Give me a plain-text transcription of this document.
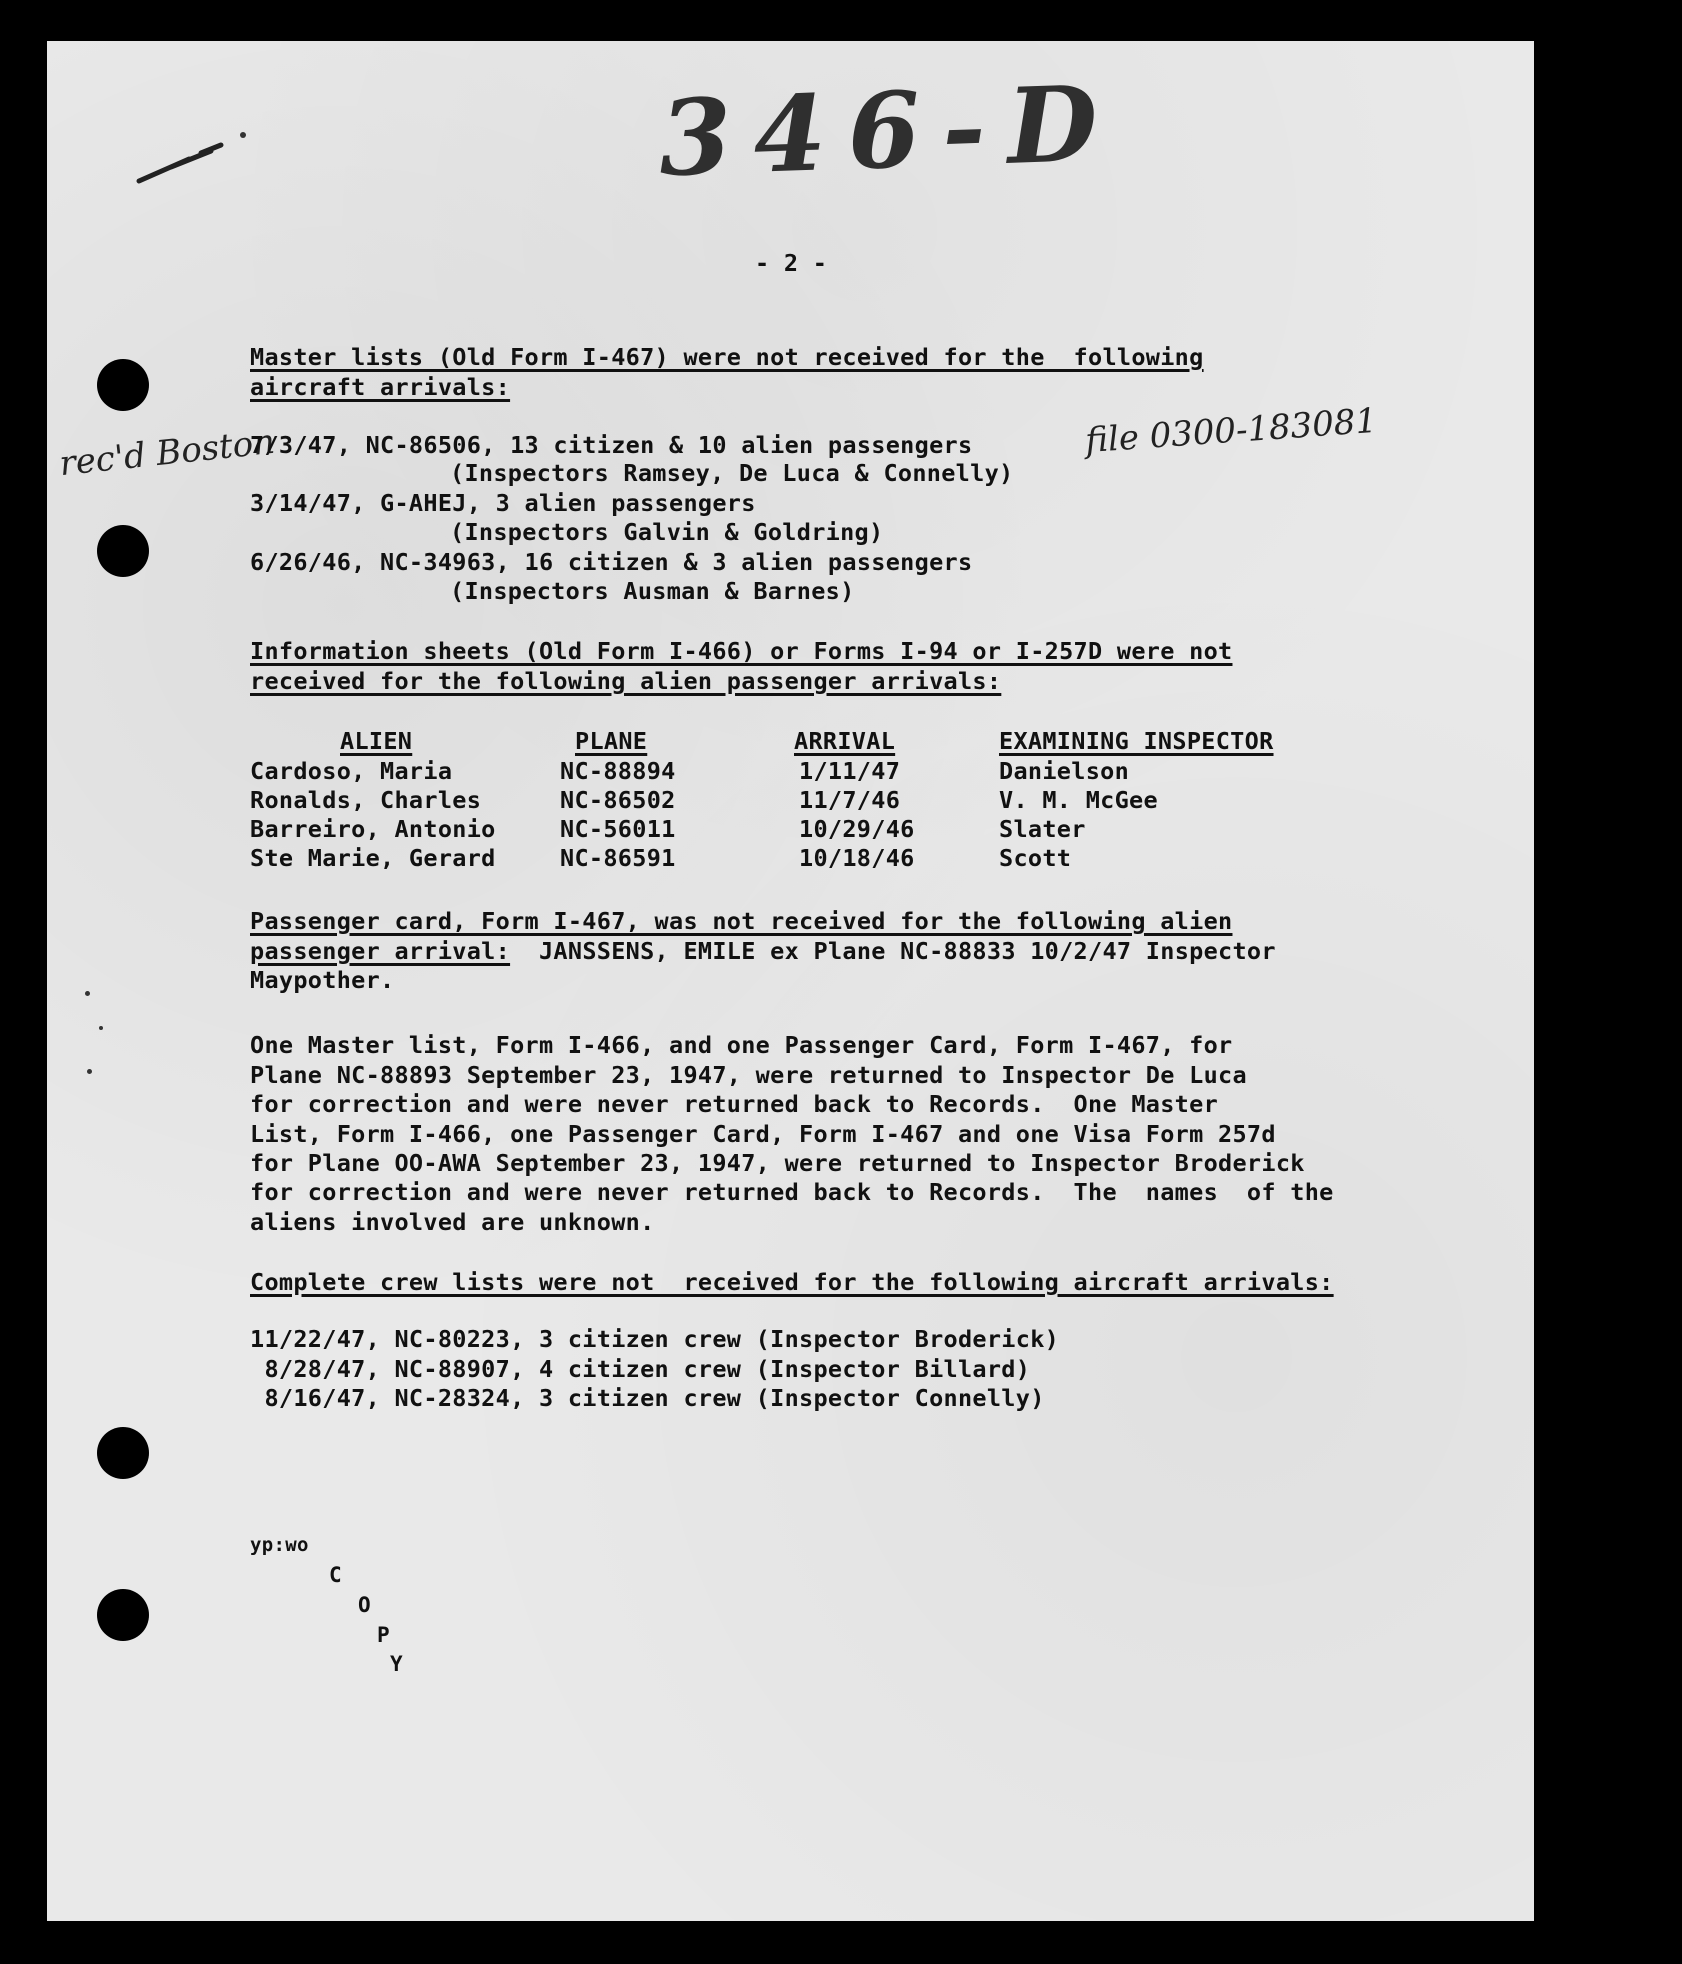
346-D
- 2 -
rec'd Boston	file 0300-183081
Master lists (Old Form I-467) were not received for the  following
aircraft arrivals:
7/3/47, NC-86506, 13 citizen & 10 alien passengers
(Inspectors Ramsey, De Luca & Connelly)
3/14/47, G-AHEJ, 3 alien passengers
(Inspectors Galvin & Goldring)
6/26/46, NC-34963, 16 citizen & 3 alien passengers
(Inspectors Ausman & Barnes)
Information sheets (Old Form I-466) or Forms I-94 or I-257D were not
received for the following alien passenger arrivals:
ALIEN	PLANE	ARRIVAL	EXAMINING INSPECTOR
Cardoso, Maria	NC-88894	1/11/47	Danielson
Ronalds, Charles	NC-86502	11/7/46	V. M. McGee
Barreiro, Antonio	NC-56011	10/29/46	Slater
Ste Marie, Gerard	NC-86591	10/18/46	Scott
Passenger card, Form I-467, was not received for the following alien
passenger arrival:  JANSSENS, EMILE ex Plane NC-88833 10/2/47 Inspector
Maypother.
One Master list, Form I-466, and one Passenger Card, Form I-467, for
Plane NC-88893 September 23, 1947, were returned to Inspector De Luca
for correction and were never returned back to Records.  One Master
List, Form I-466, one Passenger Card, Form I-467 and one Visa Form 257d
for Plane OO-AWA September 23, 1947, were returned to Inspector Broderick
for correction and were never returned back to Records.  The  names  of the
aliens involved are unknown.
Complete crew lists were not  received for the following aircraft arrivals:
11/22/47, NC-80223, 3 citizen crew (Inspector Broderick)
8/28/47, NC-88907, 4 citizen crew (Inspector Billard)
8/16/47, NC-28324, 3 citizen crew (Inspector Connelly)
yp:wo
C
O
P
Y
